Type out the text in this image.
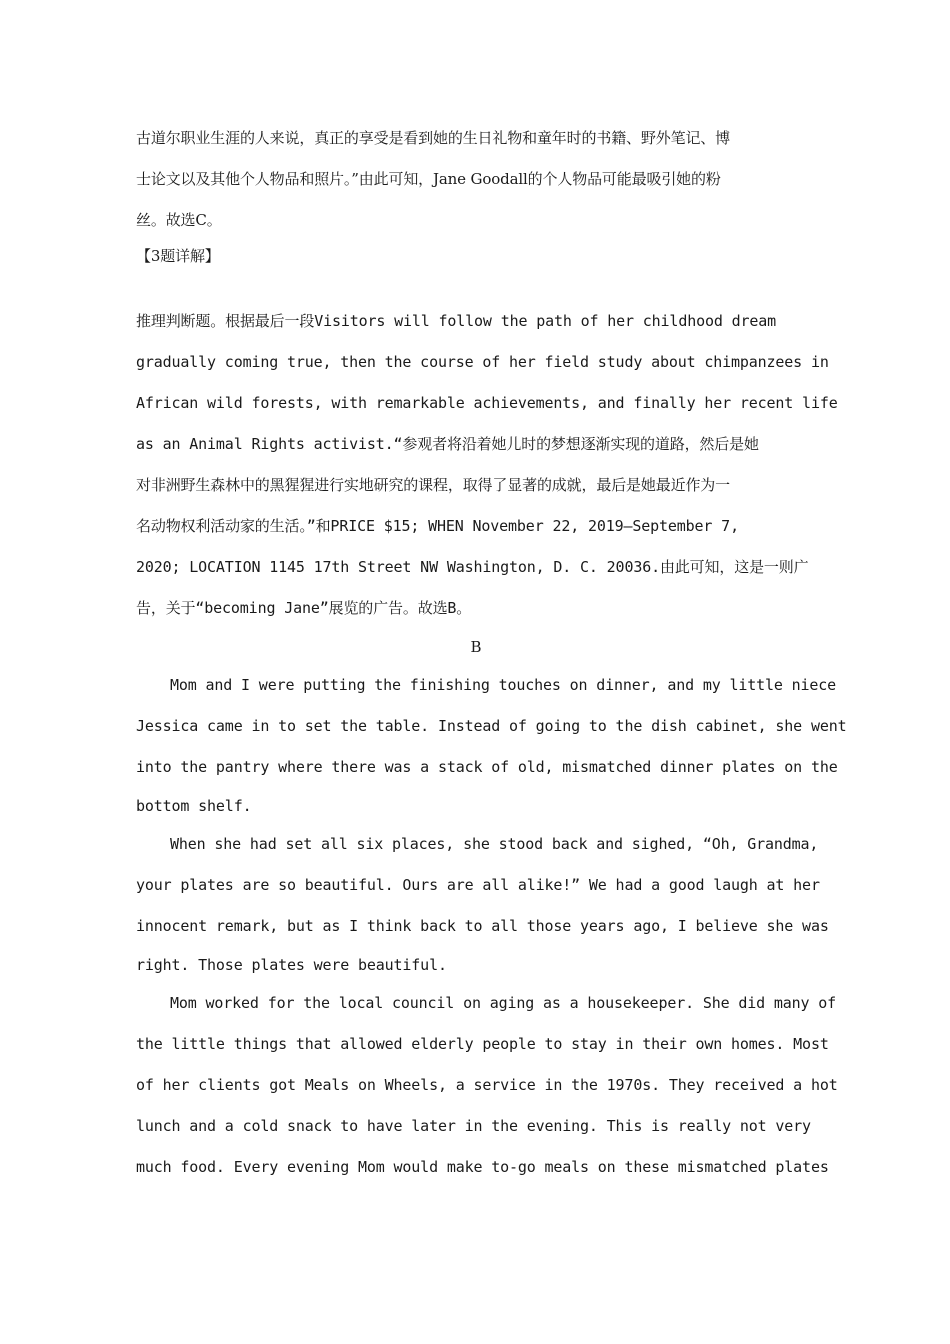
古道尔职业生涯的人来说，真正的享受是看到她的生日礼物和童年时的书籍、野外笔记、博
士论文以及其他个人物品和照片。”由此可知，Jane Goodall的个人物品可能最吸引她的粉
丝。故选C。
【3题详解】
推理判断题。根据最后一段Visitors will follow the path of her childhood dream
gradually coming true, then the course of her field study about chimpanzees in
African wild forests, with remarkable achievements, and finally her recent life
as an Animal Rights activist.“参观者将沿着她儿时的梦想逐渐实现的道路，然后是她
对非洲野生森林中的黑猩猩进行实地研究的课程，取得了显著的成就，最后是她最近作为一
名动物权利活动家的生活。”和PRICE $15; WHEN November 22, 2019—September 7,
2020; LOCATION 1145 17th Street NW Washington, D. C. 20036.由此可知，这是一则广
告，关于“becoming Jane”展览的广告。故选B。
B
Mom and I were putting the finishing touches on dinner, and my little niece
Jessica came in to set the table. Instead of going to the dish cabinet, she went
into the pantry where there was a stack of old, mismatched dinner plates on the
bottom shelf.
When she had set all six places, she stood back and sighed, “Oh, Grandma,
your plates are so beautiful. Ours are all alike!” We had a good laugh at her
innocent remark, but as I think back to all those years ago, I believe she was
right. Those plates were beautiful.
Mom worked for the local council on aging as a housekeeper. She did many of
the little things that allowed elderly people to stay in their own homes. Most
of her clients got Meals on Wheels, a service in the 1970s. They received a hot
lunch and a cold snack to have later in the evening. This is really not very
much food. Every evening Mom would make to-go meals on these mismatched plates
